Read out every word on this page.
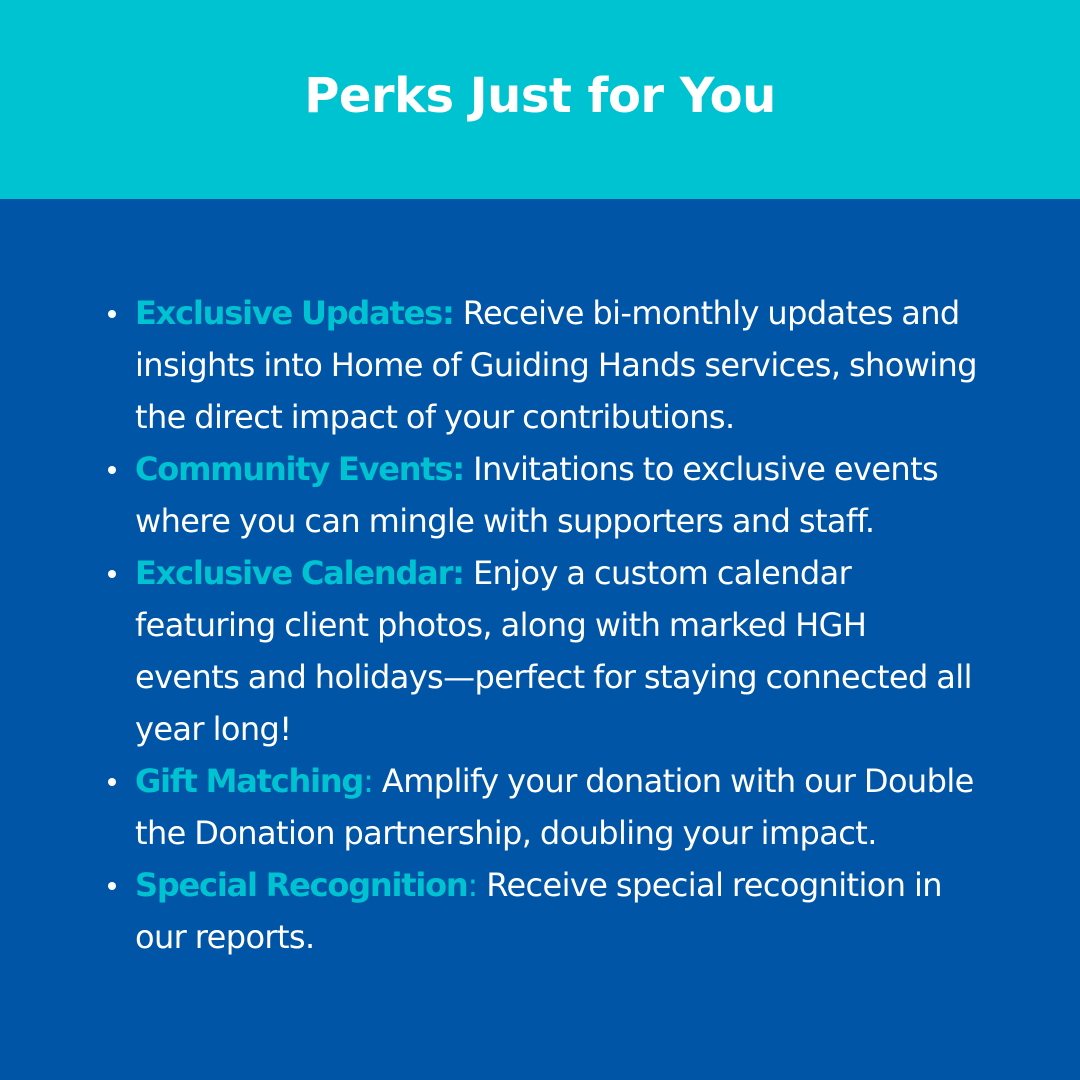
Perks Just for You
Exclusive Updates: Receive bi-monthly updates and insights into Home of Guiding Hands services, showing the direct impact of your contributions.
Community Events: Invitations to exclusive events where you can mingle with supporters and staff.
Exclusive Calendar: Enjoy a custom calendar featuring client photos, along with marked HGH events and holidays—perfect for staying connected all year long!
Gift Matching: Amplify your donation with our Double the Donation partnership, doubling your impact.
Special Recognition: Receive special recognition in our reports.
